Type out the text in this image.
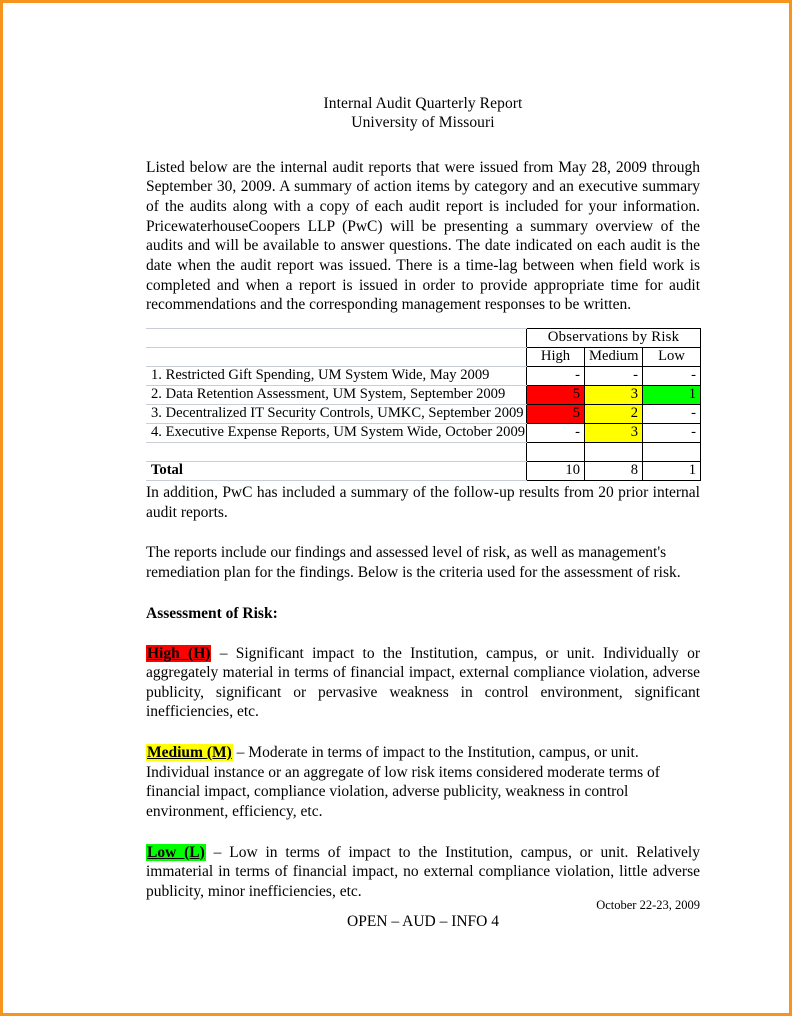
Internal Audit Quarterly Report
University of Missouri

Listed below are the internal audit reports that were issued from May 28, 2009 through September 30, 2009. A summary of action items by category and an executive summary of the audits along with a copy of each audit report is included for your information. PricewaterhouseCoopers LLP (PwC) will be presenting a summary overview of the audits and will be available to answer questions. The date indicated on each audit is the date when the audit report was issued. There is a time-lag between when field work is completed and when a report is issued in order to provide appropriate time for audit recommendations and the corresponding management responses to be written.

	Observations by Risk		
	High	Medium	Low
1. Restricted Gift Spending, UM System Wide, May 2009	-	-	-
2. Data Retention Assessment, UM System, September 2009	5	3	1
3. Decentralized IT Security Controls, UMKC, September 2009	5	2	-
4. Executive Expense Reports, UM System Wide, October 2009	-	3	-

Total	10	8	1

In addition, PwC has included a summary of the follow-up results from 20 prior internal audit reports.

The reports include our findings and assessed level of risk, as well as management's remediation plan for the findings. Below is the criteria used for the assessment of risk.

Assessment of Risk:

High (H) – Significant impact to the Institution, campus, or unit. Individually or aggregately material in terms of financial impact, external compliance violation, adverse publicity, significant or pervasive weakness in control environment, significant inefficiencies, etc.

Medium (M) – Moderate in terms of impact to the Institution, campus, or unit. Individual instance or an aggregate of low risk items considered moderate terms of financial impact, compliance violation, adverse publicity, weakness in control environment, efficiency, etc.

Low (L) – Low in terms of impact to the Institution, campus, or unit. Relatively immaterial in terms of financial impact, no external compliance violation, little adverse publicity, minor inefficiencies, etc.

October 22-23, 2009
OPEN – AUD – INFO 4
